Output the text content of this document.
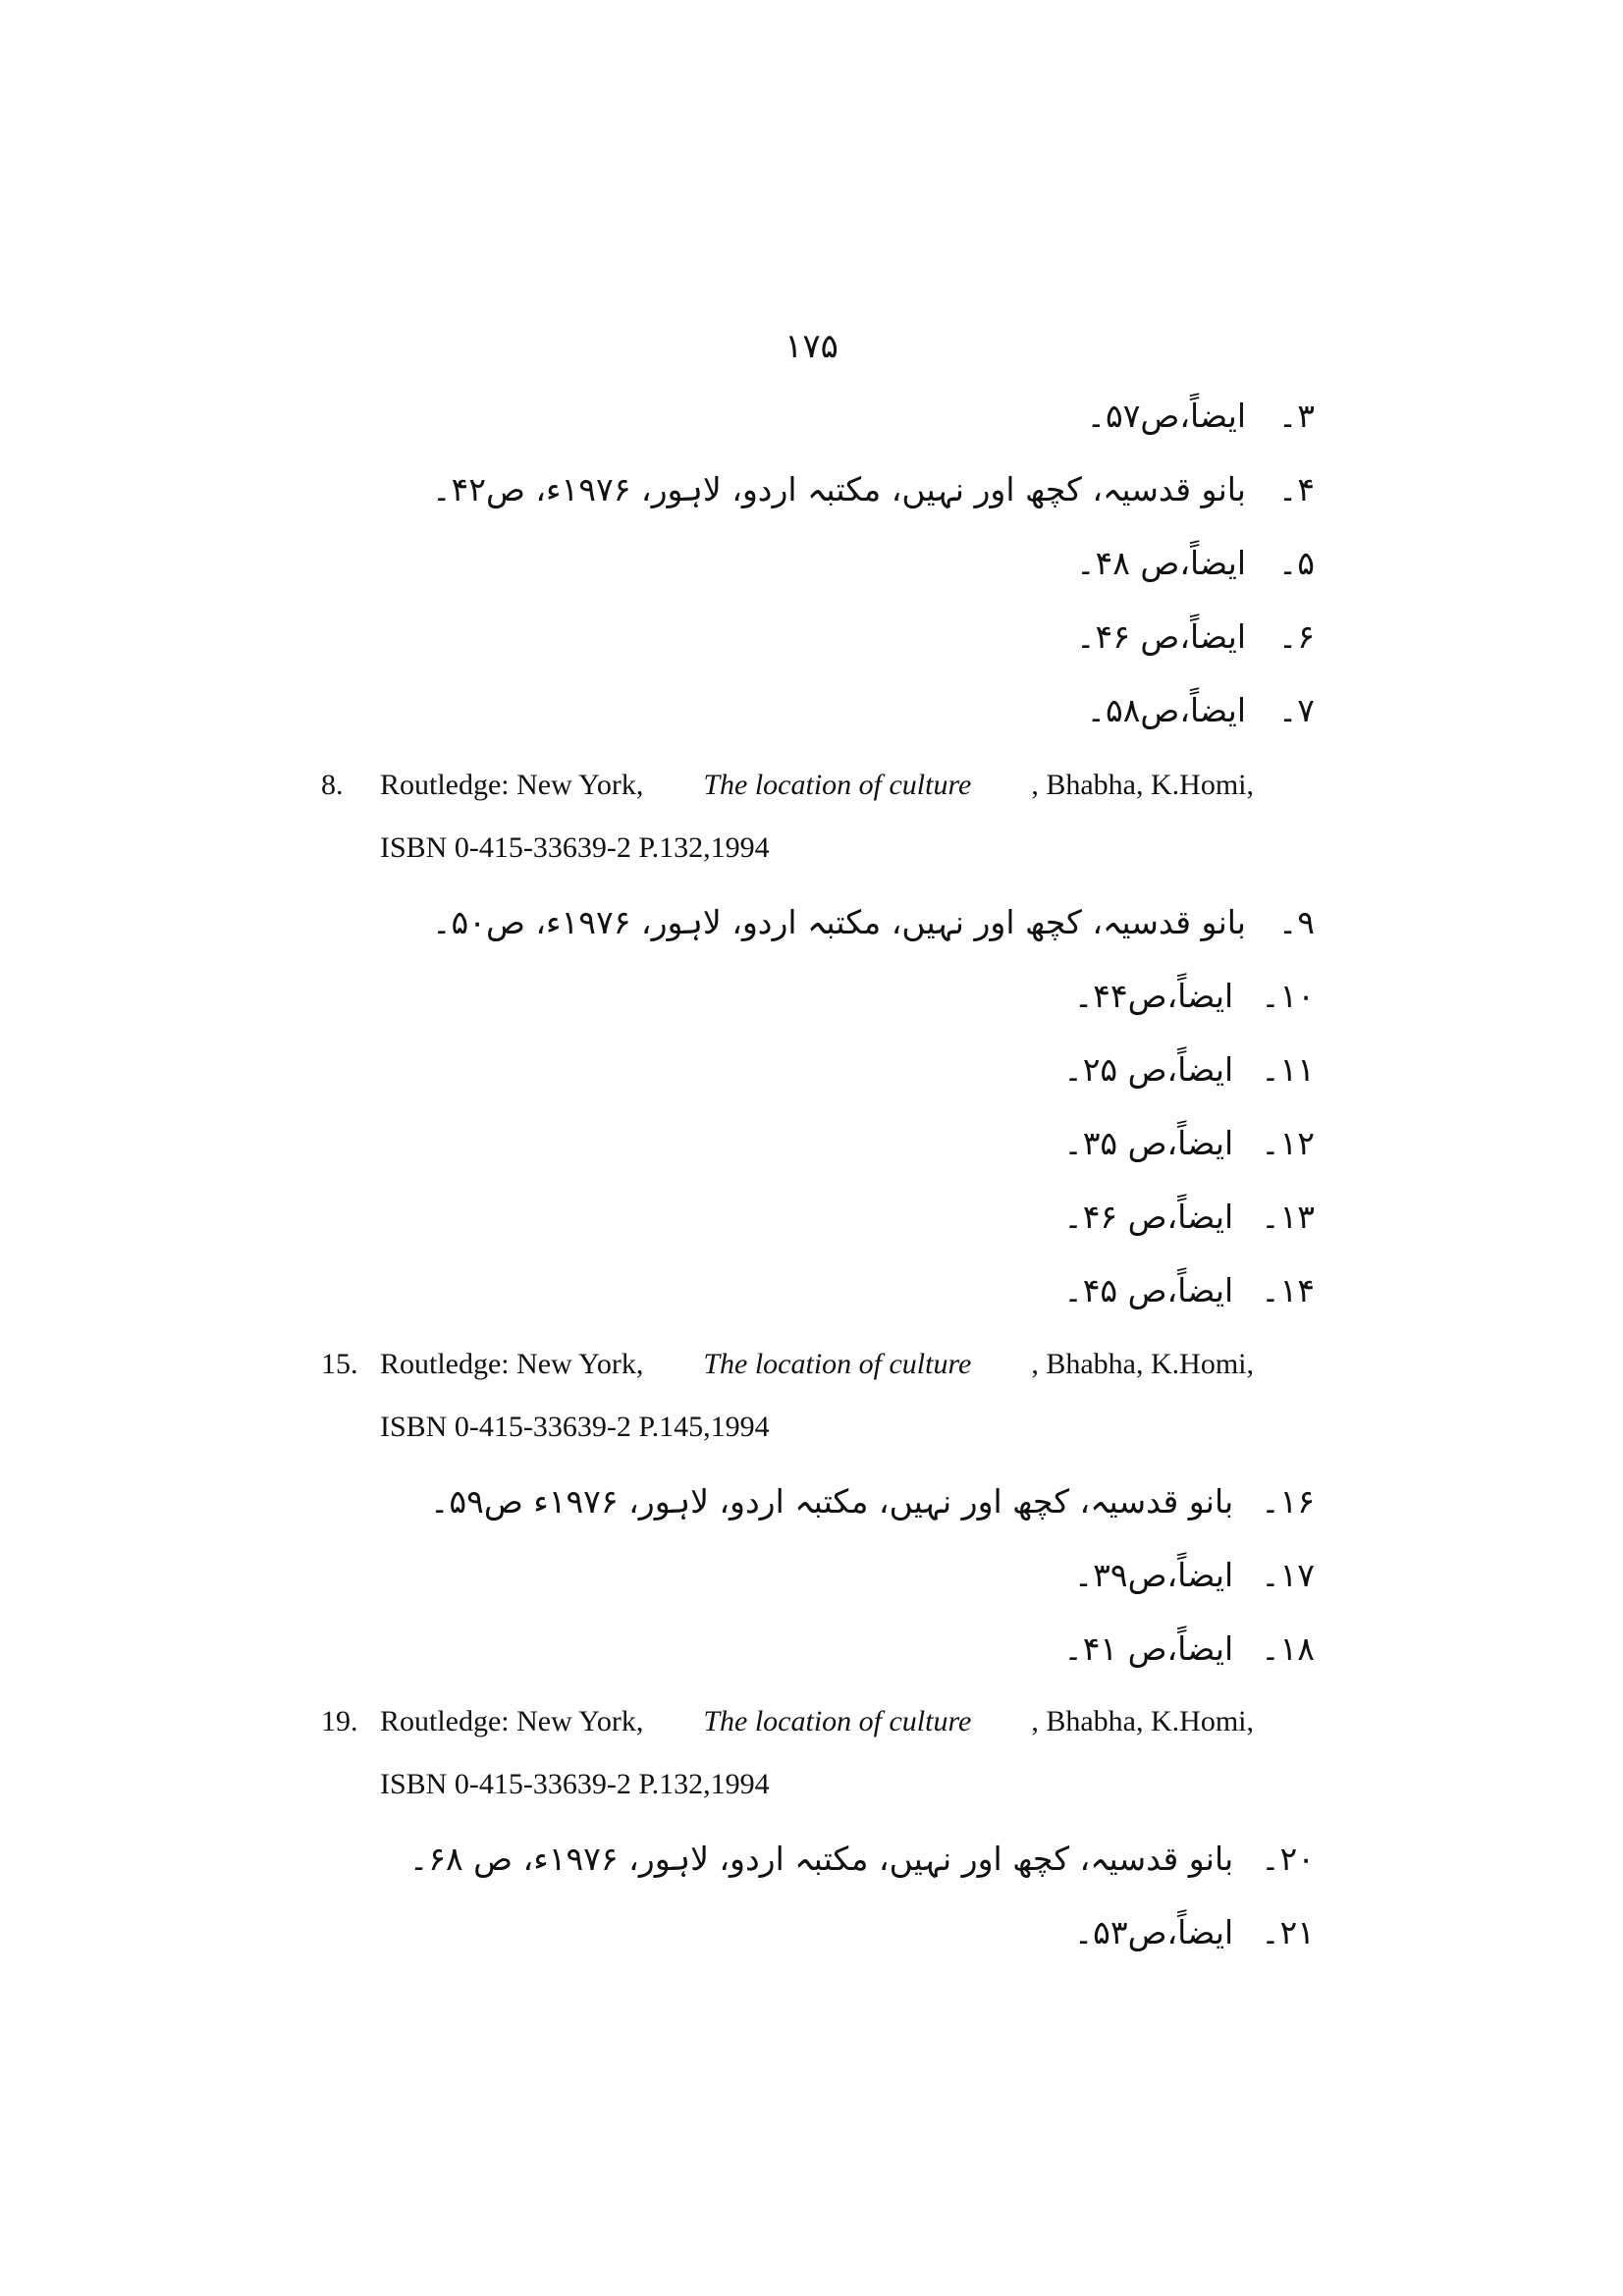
۱۷۵
۳۔ایضاً،ص۵۷۔
۴۔بانو قدسیہ، کچھ اور نہیں، مکتبہ اردو، لاہور، ۱۹۷۶ء، ص۴۲۔
۵۔ایضاً،ص ۴۸۔
۶۔ایضاً،ص ۴۶۔
۷۔ایضاً،ص۵۸۔
8. Routledge: New York, The location of culture , Bhabha, K.Homi,
ISBN 0-415-33639-2 P.132,1994
۹۔بانو قدسیہ، کچھ اور نہیں، مکتبہ اردو، لاہور، ۱۹۷۶ء، ص۵۰۔
۱۰۔ایضاً،ص۴۴۔
۱۱۔ایضاً،ص ۲۵۔
۱۲۔ایضاً،ص ۳۵۔
۱۳۔ایضاً،ص ۴۶۔
۱۴۔ایضاً،ص ۴۵۔
15. Routledge: New York, The location of culture , Bhabha, K.Homi,
ISBN 0-415-33639-2 P.145,1994
۱۶۔بانو قدسیہ، کچھ اور نہیں، مکتبہ اردو، لاہور، ۱۹۷۶ء ص۵۹۔
۱۷۔ایضاً،ص۳۹۔
۱۸۔ایضاً،ص ۴۱۔
19. Routledge: New York, The location of culture , Bhabha, K.Homi,
ISBN 0-415-33639-2 P.132,1994
۲۰۔بانو قدسیہ، کچھ اور نہیں، مکتبہ اردو، لاہور، ۱۹۷۶ء، ص ۶۸۔
۲۱۔ایضاً،ص۵۳۔
